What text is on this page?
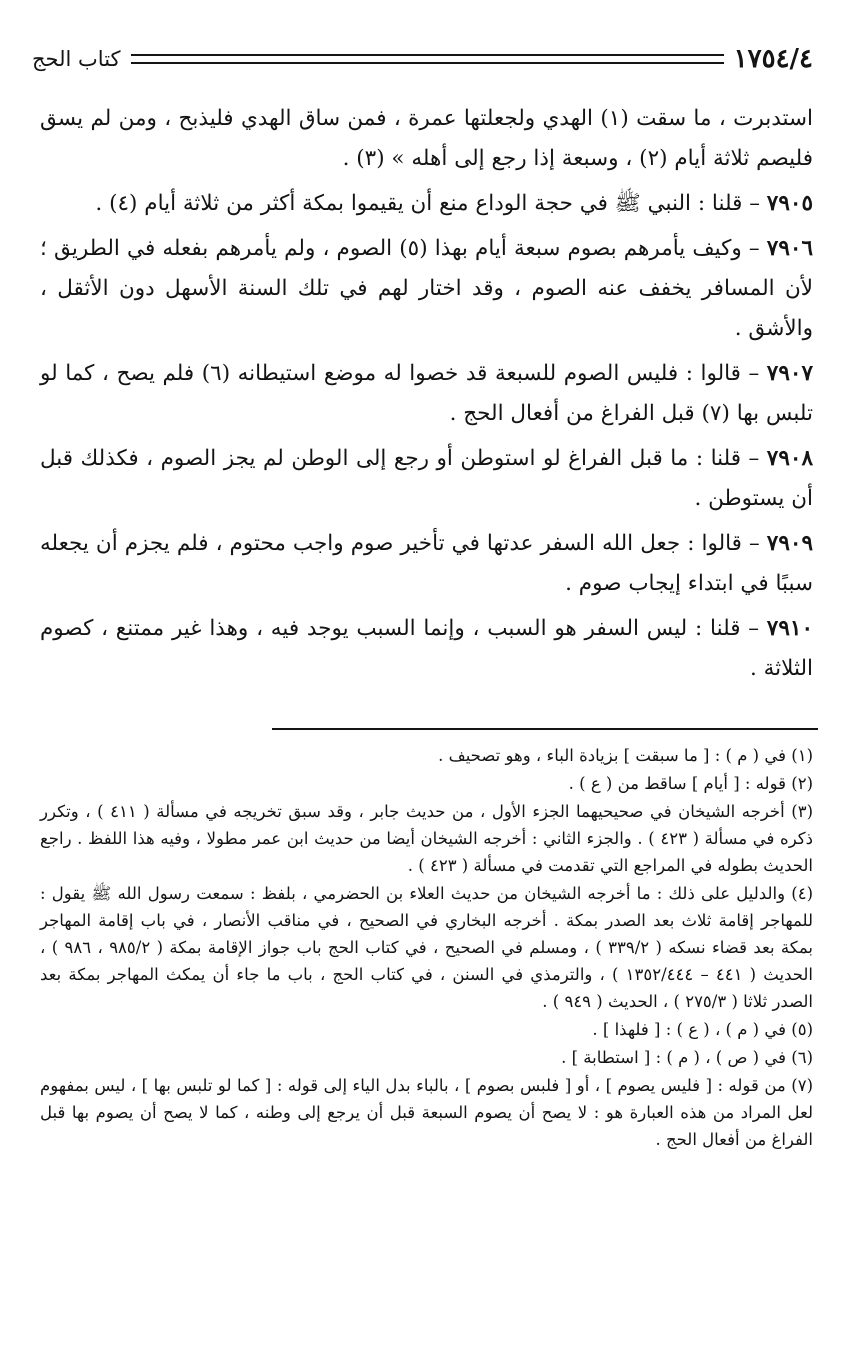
١٧٥٤/٤
كتاب الحج

استدبرت ، ما سقت (١) الهدي ولجعلتها عمرة ، فمن ساق الهدي فليذبح ، ومن لم يسق فليصم ثلاثة أيام (٢) ، وسبعة إذا رجع إلى أهله » (٣) .

٧٩٠٥ – قلنا : النبي ﷺ في حجة الوداع منع أن يقيموا بمكة أكثر من ثلاثة أيام (٤) .

٧٩٠٦ – وكيف يأمرهم بصوم سبعة أيام بهذا (٥) الصوم ، ولم يأمرهم بفعله في الطريق ؛ لأن المسافر يخفف عنه الصوم ، وقد اختار لهم في تلك السنة الأسهل دون الأثقل ، والأشق .

٧٩٠٧ – قالوا : فليس الصوم للسبعة قد خصوا له موضع استيطانه (٦) فلم يصح ، كما لو تلبس بها (٧) قبل الفراغ من أفعال الحج .

٧٩٠٨ – قلنا : ما قبل الفراغ لو استوطن أو رجع إلى الوطن لم يجز الصوم ، فكذلك قبل أن يستوطن .

٧٩٠٩ – قالوا : جعل الله السفر عدتها في تأخير صوم واجب محتوم ، فلم يجزم أن يجعله سببًا في ابتداء إيجاب صوم .

٧٩١٠ – قلنا : ليس السفر هو السبب ، وإنما السبب يوجد فيه ، وهذا غير ممتنع ، كصوم الثلاثة .

(١) في ( م ) : [ ما سبقت ] بزيادة الباء ، وهو تصحيف .

(٢) قوله : [ أيام ] ساقط من ( ع ) .

(٣) أخرجه الشيخان في صحيحيهما الجزء الأول ، من حديث جابر ، وقد سبق تخريجه في مسألة ( ٤١١ ) ، وتكرر ذكره في مسألة ( ٤٢٣ ) . والجزء الثاني : أخرجه الشيخان أيضا من حديث ابن عمر مطولا ، وفيه هذا اللفظ . راجع الحديث بطوله في المراجع التي تقدمت في مسألة ( ٤٢٣ ) .

(٤) والدليل على ذلك : ما أخرجه الشيخان من حديث العلاء بن الحضرمي ، بلفظ : سمعت رسول الله ﷺ يقول : للمهاجر إقامة ثلاث بعد الصدر بمكة . أخرجه البخاري في الصحيح ، في مناقب الأنصار ، في باب إقامة المهاجر بمكة بعد قضاء نسكه ( ٣٣٩/٢ ) ، ومسلم في الصحيح ، في كتاب الحج باب جواز الإقامة بمكة ( ٩٨٥/٢ ، ٩٨٦ ) ، الحديث ( ٤٤١ – ١٣٥٢/٤٤٤ ) ، والترمذي في السنن ، في كتاب الحج ، باب ما جاء أن يمكث المهاجر بمكة بعد الصدر ثلاثا ( ٢٧٥/٣ ) ، الحديث ( ٩٤٩ ) .

(٥) في ( م ) ، ( ع ) : [ فلهذا ] .

(٦) في ( ص ) ، ( م ) : [ استطابة ] .

(٧) من قوله : [ فليس يصوم ] ، أو [ فلبس بصوم ] ، بالباء بدل الياء إلى قوله : [ كما لو تلبس بها ] ، ليس بمفهوم لعل المراد من هذه العبارة هو : لا يصح أن يصوم السبعة قبل أن يرجع إلى وطنه ، كما لا يصح أن يصوم بها قبل الفراغ من أفعال الحج .
